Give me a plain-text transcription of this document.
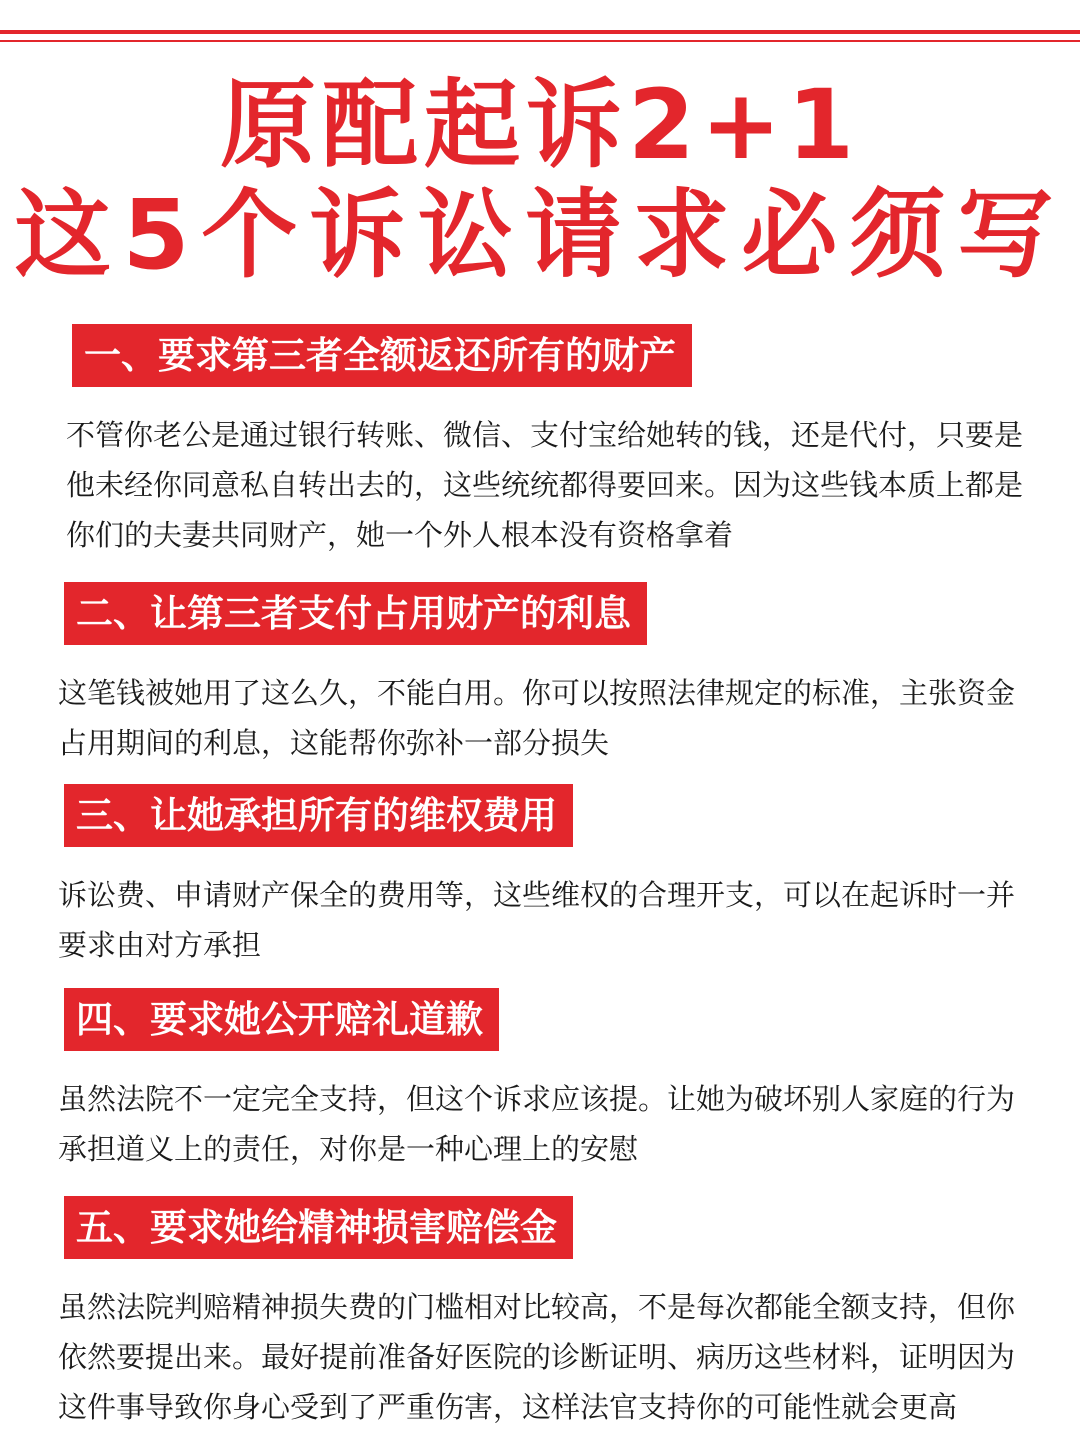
原配起诉2+1
这5个诉讼请求必须写
一、要求第三者全额返还所有的财产
不管你老公是通过银行转账、微信、支付宝给她转的钱，还是代付，只要是
他未经你同意私自转出去的，这些统统都得要回来。因为这些钱本质上都是
你们的夫妻共同财产，她一个外人根本没有资格拿着
二、让第三者支付占用财产的利息
这笔钱被她用了这么久，不能白用。你可以按照法律规定的标准，主张资金
占用期间的利息，这能帮你弥补一部分损失
三、让她承担所有的维权费用
诉讼费、申请财产保全的费用等，这些维权的合理开支，可以在起诉时一并
要求由对方承担
四、要求她公开赔礼道歉
虽然法院不一定完全支持，但这个诉求应该提。让她为破坏别人家庭的行为
承担道义上的责任，对你是一种心理上的安慰
五、要求她给精神损害赔偿金
虽然法院判赔精神损失费的门槛相对比较高，不是每次都能全额支持，但你
依然要提出来。最好提前准备好医院的诊断证明、病历这些材料，证明因为
这件事导致你身心受到了严重伤害，这样法官支持你的可能性就会更高
